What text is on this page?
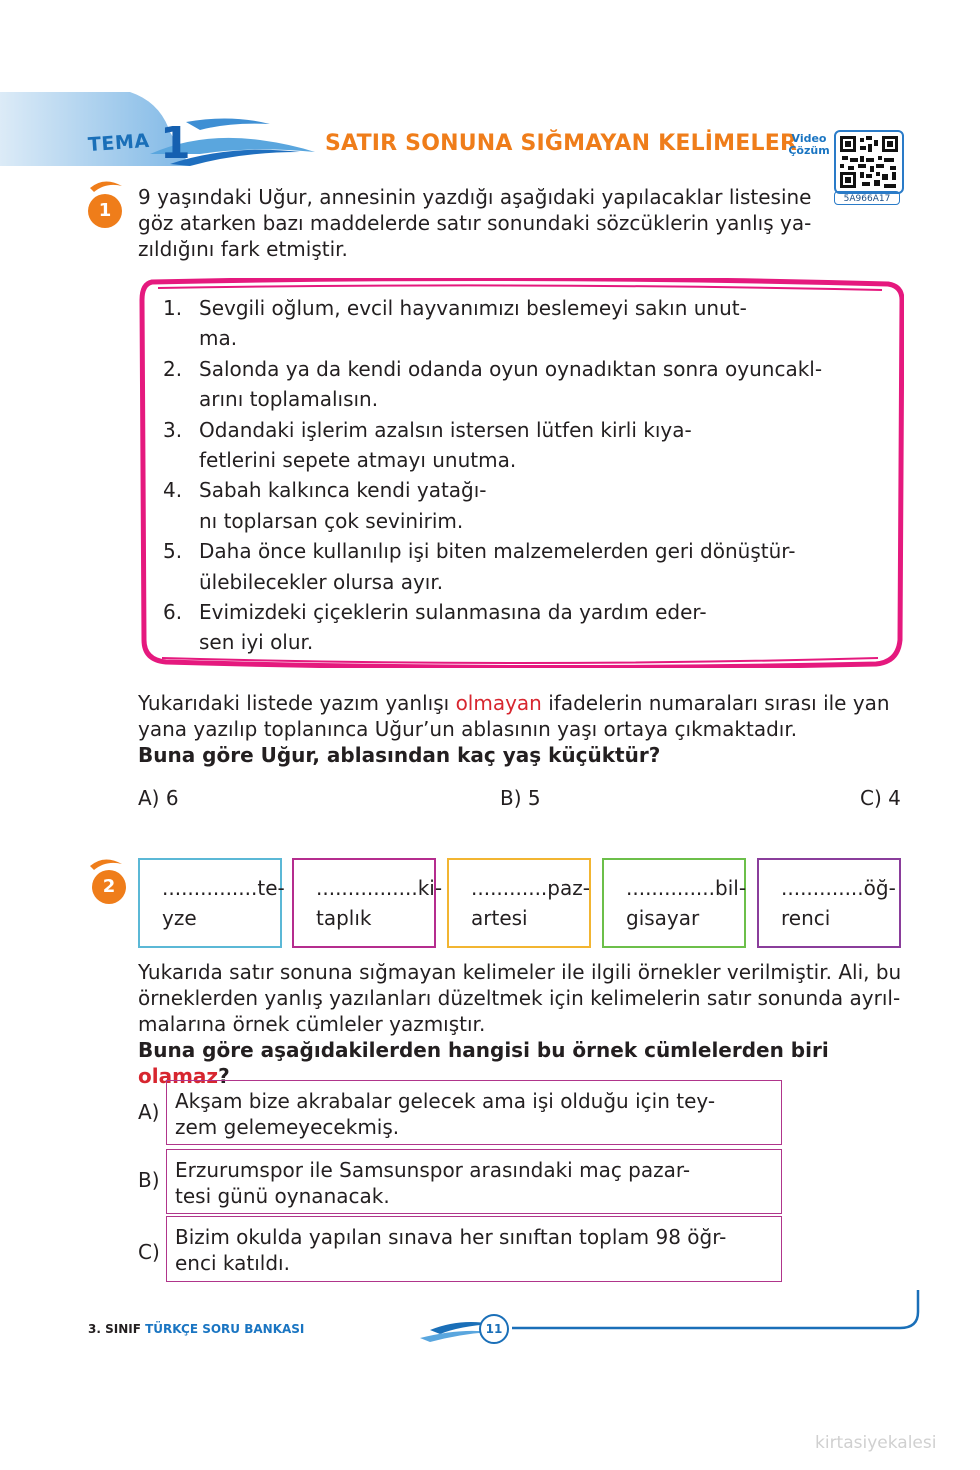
TEMA 1	SATIR SONUNA SIĞMAYAN KELİMELER
Video
Çözüm
5A966A17
1
9 yaşındaki Uğur, annesinin yazdığı aşağıdaki yapılacaklar listesine
göz atarken bazı maddelerde satır sonundaki sözcüklerin yanlış ya-
zıldığını fark etmiştir.
1. Sevgili oğlum, evcil hayvanımızı beslemeyi sakın unut-
ma.
2. Salonda ya da kendi odanda oyun oynadıktan sonra oyuncakl-
arını toplamalısın.
3. Odandaki işlerim azalsın istersen lütfen kirli kıya-
fetlerini sepete atmayı unutma.
4. Sabah kalkınca kendi yatağı-
nı toplarsan çok sevinirim.
5. Daha önce kullanılıp işi biten malzemelerden geri dönüştür-
ülebilecekler olursa ayır.
6. Evimizdeki çiçeklerin sulanmasına da yardım eder-
sen iyi olur.
Yukarıdaki listede yazım yanlışı olmayan ifadelerin numaraları sırası ile yan
yana yazılıp toplanınca Uğur’un ablasının yaşı ortaya çıkmaktadır.
Buna göre Uğur, ablasından kaç yaş küçüktür?
A) 6	B) 5	C) 4
2	...............te-
yze
................ki-
taplık
............paz-
artesi
..............bil-
gisayar
.............öğ-
renci
Yukarıda satır sonuna sığmayan kelimeler ile ilgili örnekler verilmiştir. Ali, bu
örneklerden yanlış yazılanları düzeltmek için kelimelerin satır sonunda ayrıl-
malarına örnek cümleler yazmıştır.
Buna göre aşağıdakilerden hangisi bu örnek cümlelerden biri olamaz?
A) Akşam bize akrabalar gelecek ama işi olduğu için tey-
zem gelemeyecekmiş.
B) Erzurumspor ile Samsunspor arasındaki maç pazar-
tesi günü oynanacak.
C)
Bizim okulda yapılan sınava her sınıftan toplam 98 öğr-
enci katıldı.
3. SINIF TÜRKÇE SORU BANKASI	11
kirtasiyekalesi
